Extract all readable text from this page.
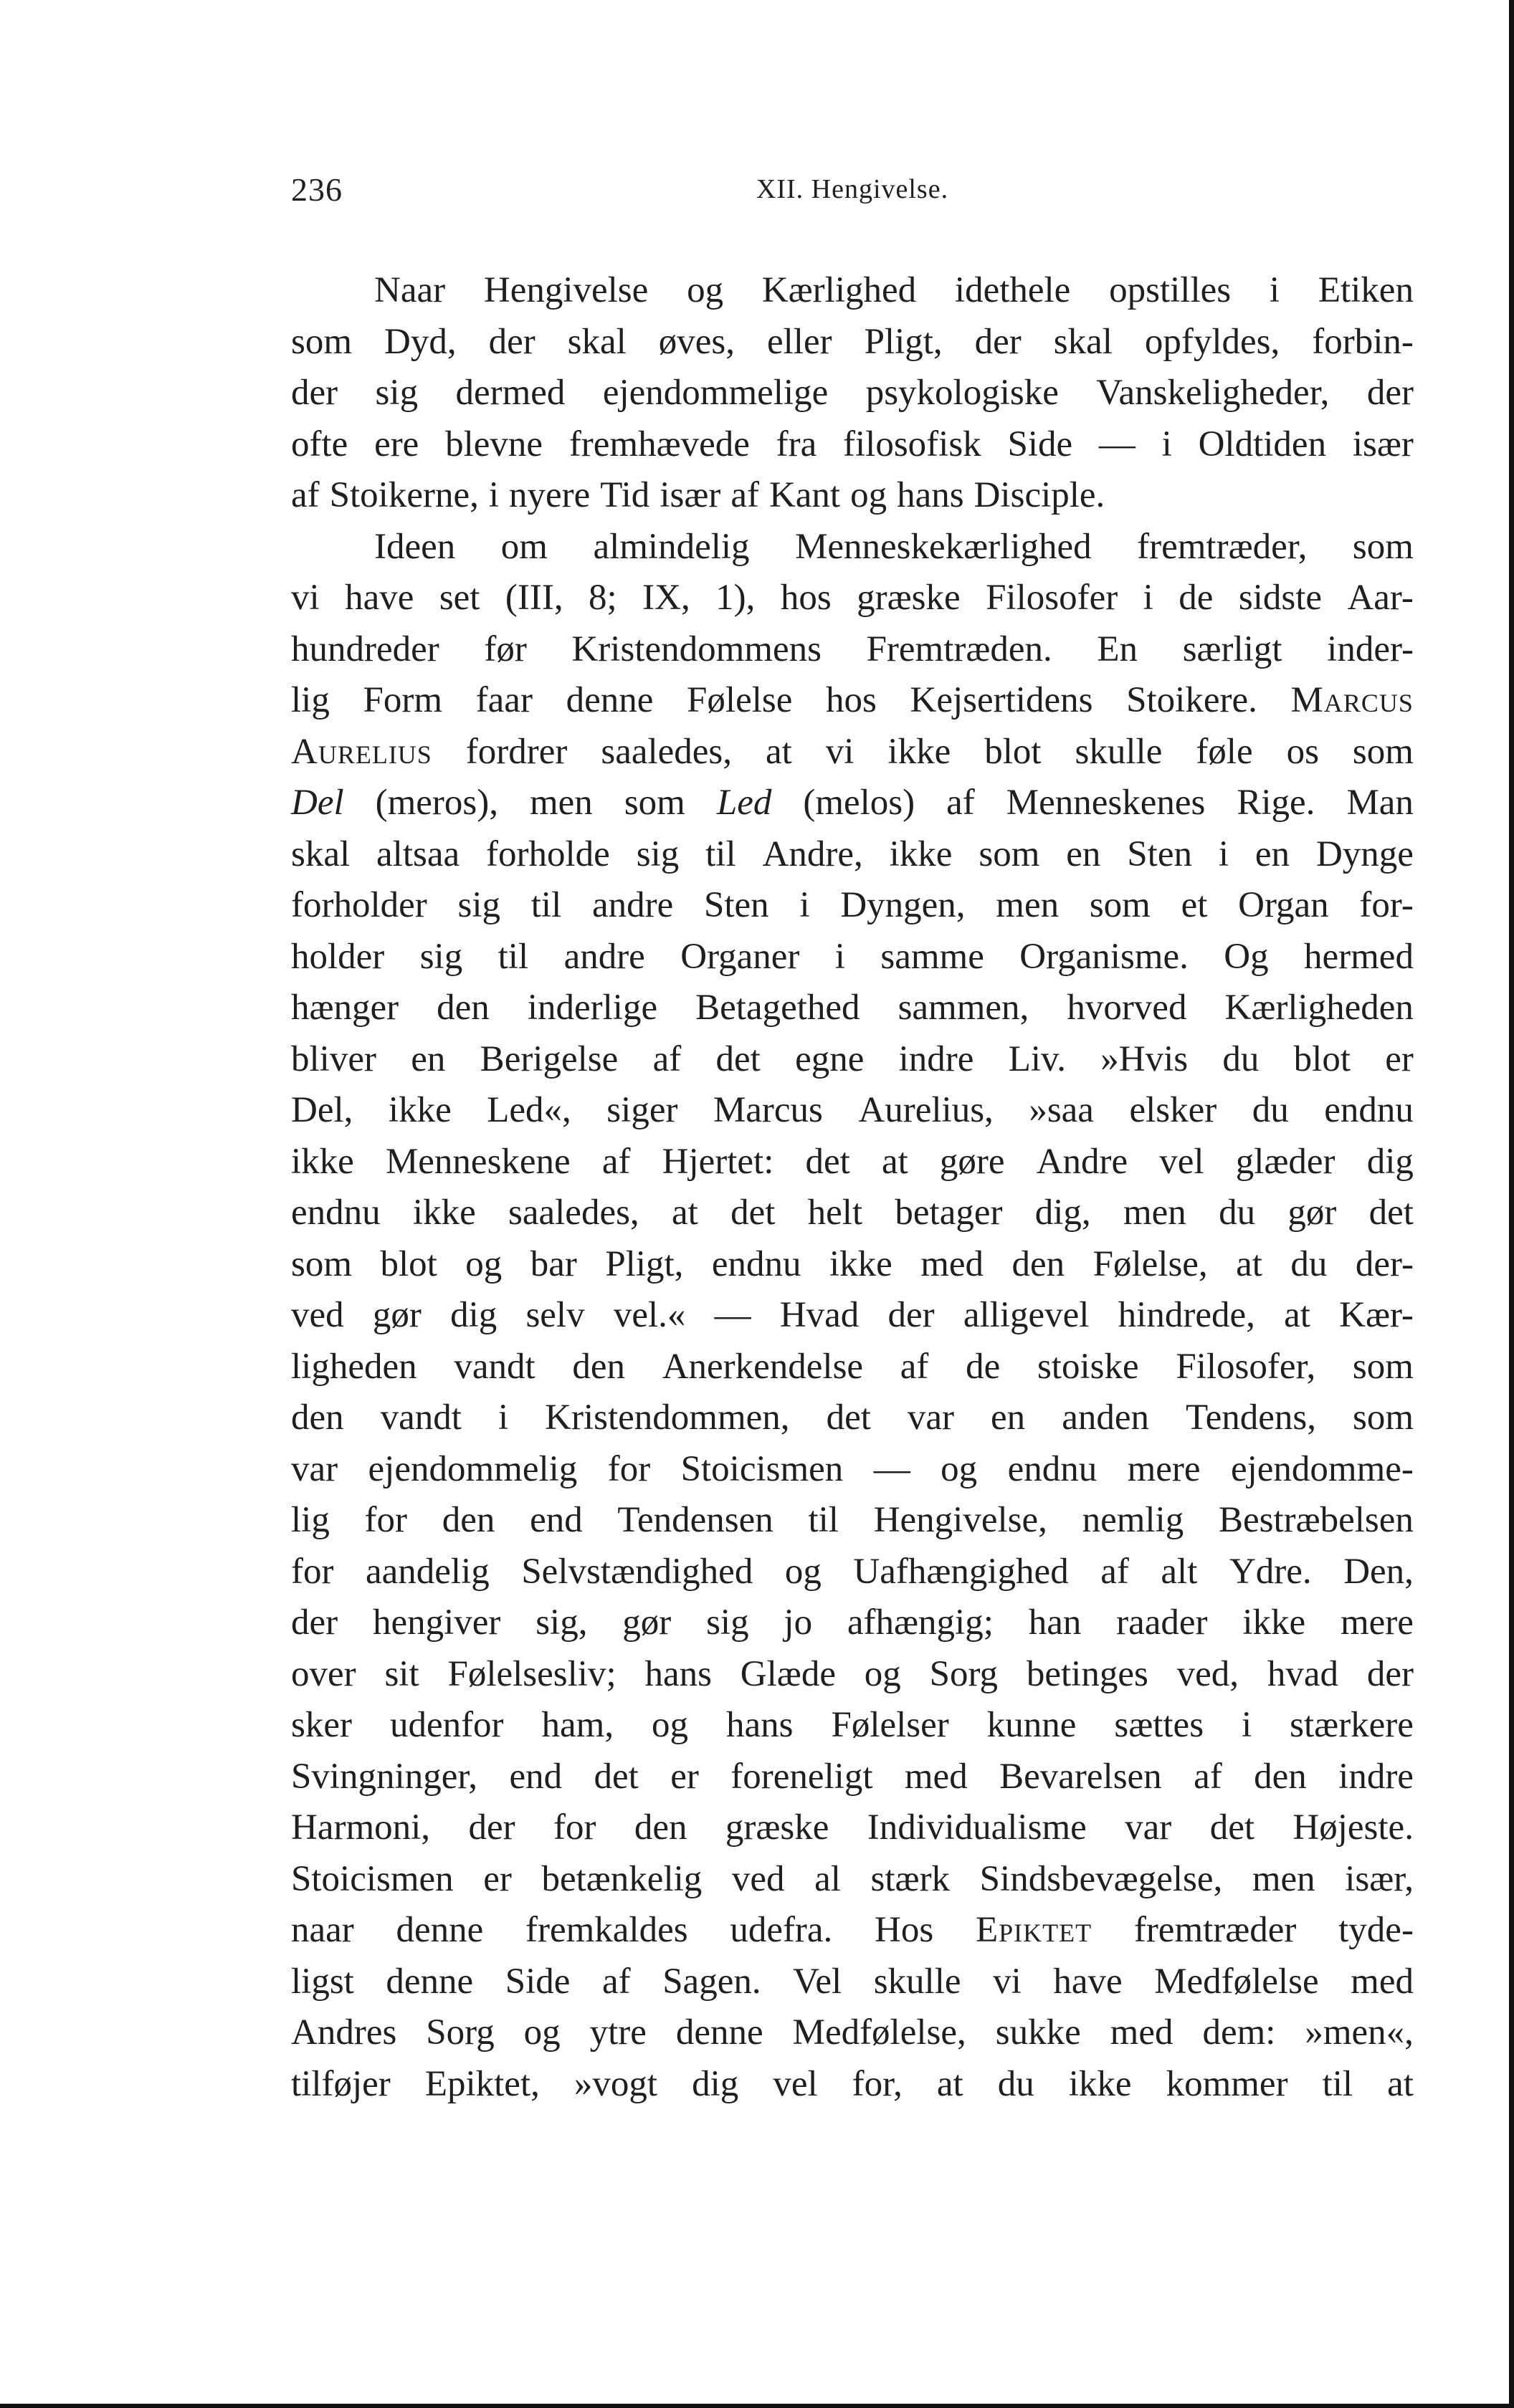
236	XII. Hengivelse.
Naar Hengivelse og Kærlighed idethele opstilles i Etiken
som Dyd, der skal øves, eller Pligt, der skal opfyldes, forbin-
der sig dermed ejendommelige psykologiske Vanskeligheder, der
ofte ere blevne fremhævede fra filosofisk Side — i Oldtiden især
af Stoikerne, i nyere Tid især af Kant og hans Disciple.
Ideen om almindelig Menneskekærlighed fremtræder, som
vi have set (III, 8; IX, 1), hos græske Filosofer i de sidste Aar-
hundreder før Kristendommens Fremtræden. En særligt inder-
lig Form faar denne Følelse hos Kejsertidens Stoikere. Marcus
Aurelius fordrer saaledes, at vi ikke blot skulle føle os som
Del (meros), men som Led (melos) af Menneskenes Rige. Man
skal altsaa forholde sig til Andre, ikke som en Sten i en Dynge
forholder sig til andre Sten i Dyngen, men som et Organ for-
holder sig til andre Organer i samme Organisme. Og hermed
hænger den inderlige Betagethed sammen, hvorved Kærligheden
bliver en Berigelse af det egne indre Liv. »Hvis du blot er
Del, ikke Led«, siger Marcus Aurelius, »saa elsker du endnu
ikke Menneskene af Hjertet: det at gøre Andre vel glæder dig
endnu ikke saaledes, at det helt betager dig, men du gør det
som blot og bar Pligt, endnu ikke med den Følelse, at du der-
ved gør dig selv vel.« — Hvad der alligevel hindrede, at Kær-
ligheden vandt den Anerkendelse af de stoiske Filosofer, som
den vandt i Kristendommen, det var en anden Tendens, som
var ejendommelig for Stoicismen — og endnu mere ejendomme-
lig for den end Tendensen til Hengivelse, nemlig Bestræbelsen
for aandelig Selvstændighed og Uafhængighed af alt Ydre. Den,
der hengiver sig, gør sig jo afhængig; han raader ikke mere
over sit Følelsesliv; hans Glæde og Sorg betinges ved, hvad der
sker udenfor ham, og hans Følelser kunne sættes i stærkere
Svingninger, end det er foreneligt med Bevarelsen af den indre
Harmoni, der for den græske Individualisme var det Højeste.
Stoicismen er betænkelig ved al stærk Sindsbevægelse, men især,
naar denne fremkaldes udefra. Hos Epiktet fremtræder tyde-
ligst denne Side af Sagen. Vel skulle vi have Medfølelse med
Andres Sorg og ytre denne Medfølelse, sukke med dem: »men«,
tilføjer Epiktet, »vogt dig vel for, at du ikke kommer til at
